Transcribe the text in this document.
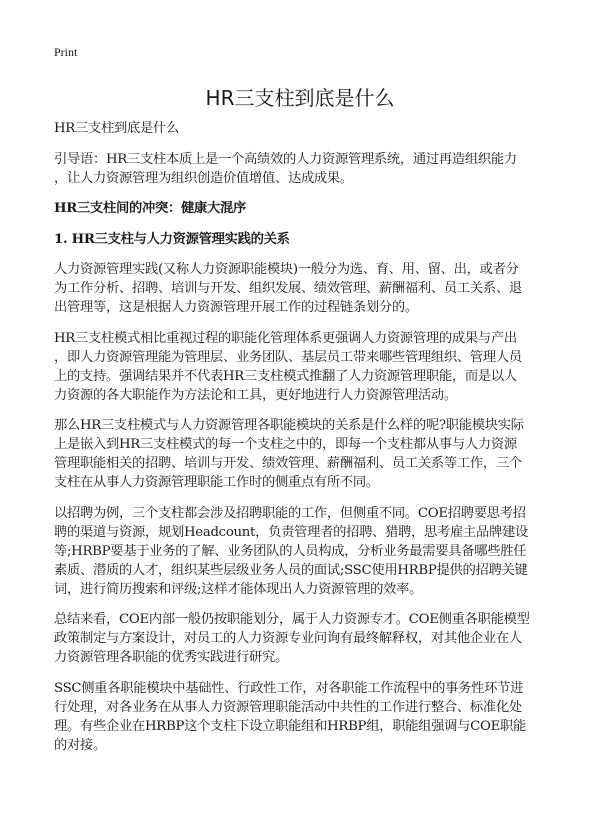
Print
HR三支柱到底是什么

HR三支柱到底是什么

引导语：HR三支柱本质上是一个高绩效的人力资源管理系统，通过再造组织能力
，让人力资源管理为组织创造价值增值、达成成果。

HR三支柱间的冲突：健康大混序

1. HR三支柱与人力资源管理实践的关系

人力资源管理实践(又称人力资源职能模块)一般分为选、育、用、留、出，或者分
为工作分析、招聘、培训与开发、组织发展、绩效管理、薪酬福利、员工关系、退
出管理等，这是根据人力资源管理开展工作的过程链条划分的。

HR三支柱模式相比重视过程的职能化管理体系更强调人力资源管理的成果与产出
，即人力资源管理能为管理层、业务团队、基层员工带来哪些管理组织、管理人员
上的支持。强调结果并不代表HR三支柱模式推翻了人力资源管理职能，而是以人
力资源的各大职能作为方法论和工具，更好地进行人力资源管理活动。

那么HR三支柱模式与人力资源管理各职能模块的关系是什么样的呢?职能模块实际
上是嵌入到HR三支柱模式的每一个支柱之中的，即每一个支柱都从事与人力资源
管理职能相关的招聘、培训与开发、绩效管理、薪酬福利、员工关系等工作，三个
支柱在从事人力资源管理职能工作时的侧重点有所不同。

以招聘为例，三个支柱都会涉及招聘职能的工作，但侧重不同。COE招聘要思考招
聘的渠道与资源，规划Headcount，负责管理者的招聘、猎聘，思考雇主品牌建设
等;HRBP要基于业务的了解、业务团队的人员构成，分析业务最需要具备哪些胜任
素质、潜质的人才，组织某些层级业务人员的面试;SSC使用HRBP提供的招聘关键
词，进行简历搜索和评级;这样才能体现出人力资源管理的效率。

总结来看，COE内部一般仍按职能划分，属于人力资源专才。COE侧重各职能模型
政策制定与方案设计，对员工的人力资源专业问询有最终解释权，对其他企业在人
力资源管理各职能的优秀实践进行研究。

SSC侧重各职能模块中基础性、行政性工作，对各职能工作流程中的事务性环节进
行处理，对各业务在从事人力资源管理职能活动中共性的工作进行整合、标准化处
理。有些企业在HRBP这个支柱下设立职能组和HRBP组，职能组强调与COE职能
的对接。
